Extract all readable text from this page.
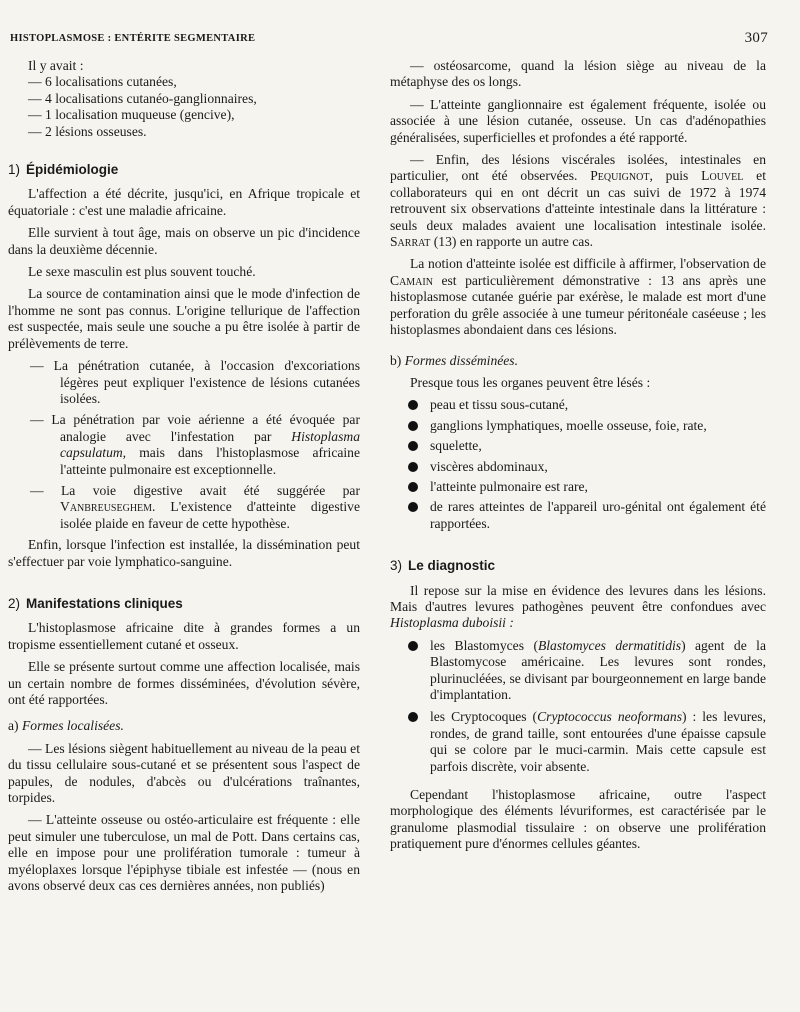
HISTOPLASMOSE : ENTÉRITE SEGMENTAIRE	307

Il y avait :

— 6 localisations cutanées,
— 4 localisations cutanéo-ganglionnaires,
— 1 localisation muqueuse (gencive),
— 2 lésions osseuses.
1) Épidémiologie

L'affection a été décrite, jusqu'ici, en Afrique tropicale et équatoriale : c'est une maladie africaine.

Elle survient à tout âge, mais on observe un pic d'incidence dans la deuxième décennie.

Le sexe masculin est plus souvent touché.

La source de contamination ainsi que le mode d'infection de l'homme ne sont pas connus. L'origine tellurique de l'affection est suspectée, mais seule une souche a pu être isolée à partir de prélèvements de terre.

— La pénétration cutanée, à l'occasion d'excoriations légères peut expliquer l'existence de lésions cutanées isolées.

— La pénétration par voie aérienne a été évoquée par analogie avec l'infestation par Histoplasma capsulatum, mais dans l'histoplasmose africaine l'atteinte pulmonaire est exceptionnelle.

— La voie digestive avait été suggérée par Vanbreuseghem. L'existence d'atteinte digestive isolée plaide en faveur de cette hypothèse.

Enfin, lorsque l'infection est installée, la dissémination peut s'effectuer par voie lymphatico-sanguine.

2) Manifestations cliniques

L'histoplasmose africaine dite à grandes formes a un tropisme essentiellement cutané et osseux.

Elle se présente surtout comme une affection localisée, mais un certain nombre de formes disséminées, d'évolution sévère, ont été rapportées.

a) Formes localisées.

— Les lésions siègent habituellement au niveau de la peau et du tissu cellulaire sous-cutané et se présentent sous l'aspect de papules, de nodules, d'abcès ou d'ulcérations traînantes, torpides.

— L'atteinte osseuse ou ostéo-articulaire est fréquente : elle peut simuler une tuberculose, un mal de Pott. Dans certains cas, elle en impose pour une prolifération tumorale : tumeur à myéloplaxes lorsque l'épiphyse tibiale est infestée — (nous en avons observé deux cas ces dernières années, non publiés)

— ostéosarcome, quand la lésion siège au niveau de la métaphyse des os longs.

— L'atteinte ganglionnaire est également fréquente, isolée ou associée à une lésion cutanée, osseuse. Un cas d'adénopathies généralisées, superficielles et profondes a été rapporté.

— Enfin, des lésions viscérales isolées, intestinales en particulier, ont été observées. Pequignot, puis Louvel et collaborateurs qui en ont décrit un cas suivi de 1972 à 1974 retrouvent six observations d'atteinte intestinale dans la littérature : seuls deux malades avaient une localisation intestinale isolée. Sarrat (13) en rapporte un autre cas.

La notion d'atteinte isolée est difficile à affirmer, l'observation de Camain est particulièrement démonstrative : 13 ans après une histoplasmose cutanée guérie par exérèse, le malade est mort d'une perforation du grêle associée à une tumeur péritonéale caséeuse ; les histoplasmes abondaient dans ces lésions.

b) Formes disséminées.

Presque tous les organes peuvent être lésés :

peau et tissu sous-cutané,
ganglions lymphatiques, moelle osseuse, foie, rate,
squelette,
viscères abdominaux,
l'atteinte pulmonaire est rare,
de rares atteintes de l'appareil uro-génital ont également été rapportées.
3) Le diagnostic

Il repose sur la mise en évidence des levures dans les lésions. Mais d'autres levures pathogènes peuvent être confondues avec Histoplasma duboisii :

les Blastomyces (Blastomyces dermatitidis) agent de la Blastomycose américaine. Les levures sont rondes, plurinucléées, se divisant par bourgeonnement en large bande d'implantation.
les Cryptocoques (Cryptococcus neoformans) : les levures, rondes, de grand taille, sont entourées d'une épaisse capsule qui se colore par le muci-carmin. Mais cette capsule est parfois discrète, voir absente.

Cependant l'histoplasmose africaine, outre l'aspect morphologique des éléments lévuriformes, est caractérisée par le granulome plasmodial tissulaire : on observe une prolifération pratiquement pure d'énormes cellules géantes.
